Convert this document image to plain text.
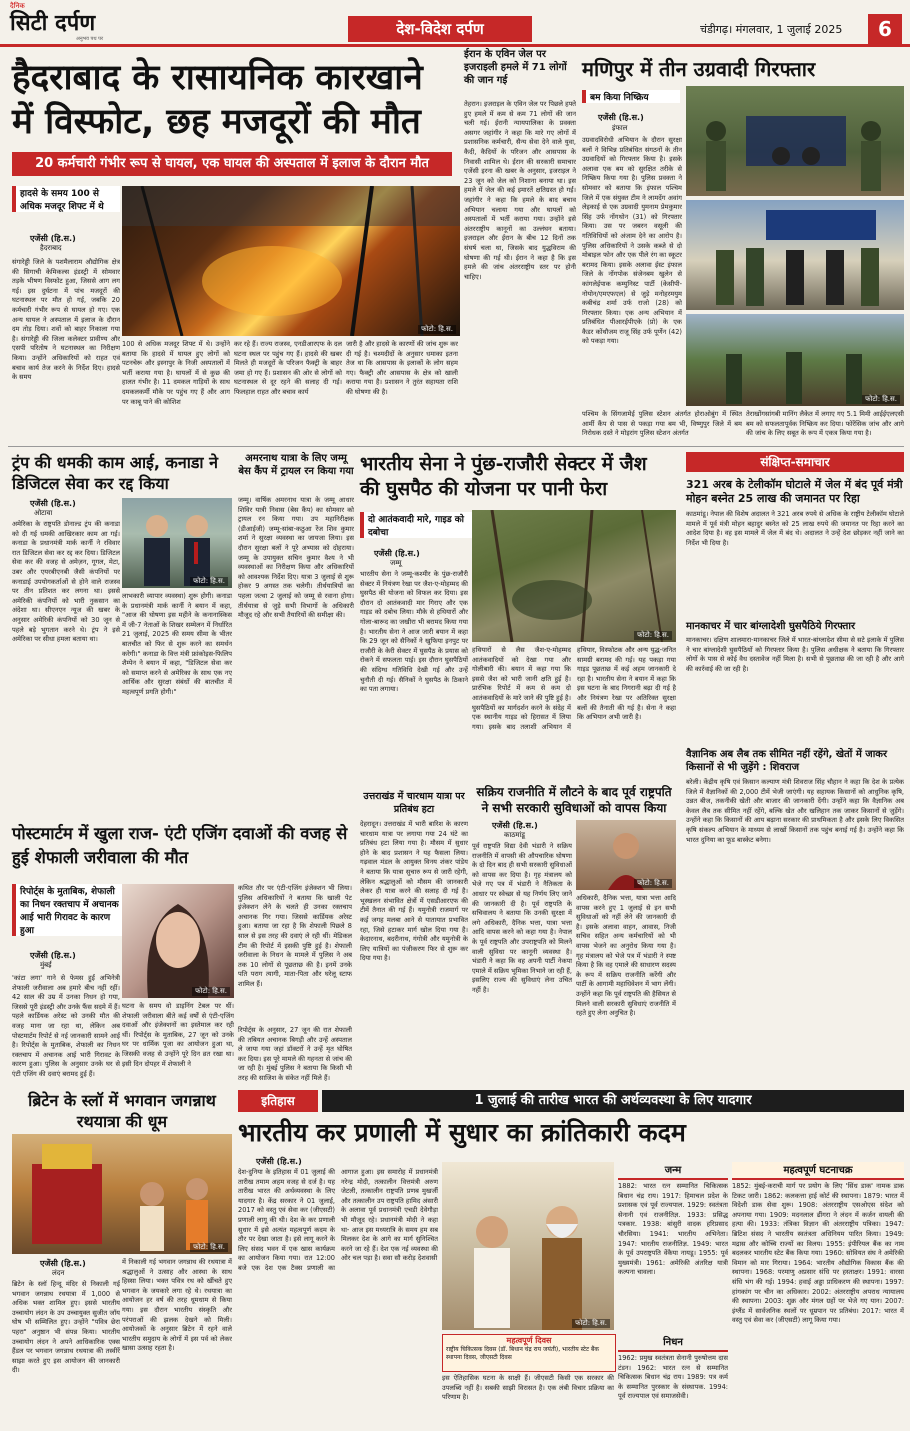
दैनिक
सिटी दर्पण
अनुभव पथ पर
देश-विदेश दर्पण	चंडीगढ़। मंगलवार, 1 जुलाई 2025	6
हैदराबाद के रासायनिक कारखाने में विस्फोट, छह मजदूरों की मौत
20 कर्मचारी गंभीर रूप से घायल, एक घायल की अस्पताल में इलाज के दौरान मौत
हादसे के समय 100 से अधिक मजदूर शिफ्ट में थे
एजेंसी (हि.स.)
हैदराबाद
संगारेड्डी जिले के पशमैलाराम औद्योगिक क्षेत्र की सिगाची केमिकल्स इंडस्ट्री में सोमवार तड़के भीषण विस्फोट हुआ, जिससे आग लग गई। इस दुर्घटना में पांच मजदूरों की घटनास्थल पर मौत हो गई, जबकि 20 कर्मचारी गंभीर रूप से घायल हो गए। एक अन्य घायल ने अस्पताल में इलाज के दौरान दम तोड़ दिया। शवों को बाहर निकाला गया है। संगारेड्डी की जिला कलेक्टर प्रावीण्य और एसपी परितोष ने घटनास्थल का निरीक्षण किया। उन्होंने अधिकारियों को राहत एवं बचाव कार्य तेज करने के निर्देश दिए। हादसे के समय
फोटो: हि.स.
100 से अधिक मजदूर शिफ्ट में थे। उन्होंने बताया कि हादसे में घायल हुए लोगों को पटनचेरू और इस्नापुर के निजी अस्पतालों में भर्ती कराया गया है। घायलों में से कुछ की हालत गंभीर है। 11 दमकल गाड़ियों के साथ दमकलकर्मी मौके पर पहुंच गए हैं और आग पर काबू पाने की कोशिश
कर रहे हैं। राज्य राजस्व, एनडीआरएफ के दल घटना स्थल पर पहुंच गए हैं। हादसे की खबर मिलते ही मजदूरों के परिजन फैक्ट्री के बाहर जमा हो गए हैं। प्रशासन की ओर से लोगों को घटनास्थल से दूर रहने की सलाह दी गई। फिलहाल राहत और बचाव कार्य
जारी है और हादसे के कारणों की जांच शुरू कर दी गई है। चश्मदीदों के अनुसार धमाका इतना तेज था कि आसपास के इलाकों के लोग सहम गए। फैक्ट्री और आसपास के क्षेत्र को खाली कराया गया है। प्रशासन ने तुरंत सहायता राशि की घोषणा की है।
ईरान के एविन जेल पर इजराइली हमले में 71 लोगों की जान गई
तेहरान। इजराइल के एविन जेल पर पिछले हफ्ते हुए हमले में कम से कम 71 लोगों की जान चली गई। ईरानी न्यायपालिका के प्रवक्ता असगर जहांगीर ने कहा कि मारे गए लोगों में प्रशासनिक कर्मचारी, सैन्य सेवा देने वाले युवा, कैदी, कैदियों के परिजन और आसपास के निवासी शामिल थे। ईरान की सरकारी समाचार एजेंसी इरना की खबर के अनुसार, इजराइल ने 23 जून को जेल को निशाना बनाया था। इस हमले में जेल की कई इमारतें क्षतिग्रस्त हो गईं। जहांगीर ने कहा कि हमले के बाद बचाव अभियान चलाया गया और घायलों को अस्पतालों में भर्ती कराया गया। उन्होंने इसे अंतरराष्ट्रीय कानूनों का उल्लंघन बताया। इजराइल और ईरान के बीच 12 दिनों तक संघर्ष चला था, जिसके बाद युद्धविराम की घोषणा की गई थी। ईरान ने कहा है कि इस हमले की जांच अंतरराष्ट्रीय स्तर पर होनी चाहिए।
मणिपुर में तीन उग्रवादी गिरफ्तार
बम किया निष्क्रिय
एजेंसी (हि.स.)
इंफाल
उग्रवादविरोधी अभियान के दौरान सुरक्षा बलों ने विभिन्न प्रतिबंधित संगठनों के तीन उग्रवादियों को गिरफ्तार किया है। इसके अलावा एक बम को सुरक्षित तरीके से निष्क्रिय किया गया है। पुलिस प्रवक्ता ने सोमवार को बताया कि इंफाल पश्चिम जिले में एक संयुक्त टीम ने लामदेंग अवांग लेइकाई से एक उग्रवादी युमनाम प्रेमकुमार सिंह उर्फ नोंगथोन (31) को गिरफ्तार किया। उस पर जबरन वसूली की गतिविधियों को अंजाम देने का आरोप है। पुलिस अधिकारियों ने उसके कब्जे से दो मोबाइल फोन और एक पीले रंग का स्कूटर बरामद किया। इसके अलावा ईस्ट इंफाल जिले के नोंगपोक संजेनबम खुलेन से कांगलेईपाक कम्युनिस्ट पार्टी (केसीपी-नोयोन/एमएफएल) से जुड़े मनोहरमयुम कबीचंद्र शर्मा उर्फ राजो (28) को गिरफ्तार किया। एक अन्य अभियान में प्रतिबंधित पीआरईपीएके (प्रो) के एक कैडर कोंथौजम राजू सिंह उर्फ पूर्णेन (42) को पकड़ा गया।
फोटो: हि.स.
पश्चिम के सिंगजामेई पुलिस स्टेशन अंतर्गत होराओबुंग में स्थित आर्मी कैंप से पास से पकड़ा गया बम भी, विष्णुपुर जिले में बम निरोधक दस्ते ने मोइरांग पुलिस स्टेशन अंतर्गत
तेराखोंगसांगबी मानिंग लैकेत में लगाए गए 5.1 मिमी आईईएलएसी बम को सफलतापूर्वक निष्क्रिय कर दिया। फोरेंसिक जांच और आगे की जांच के लिए सबूत के रूप में एकत्र किया गया है।
ट्रंप की धमकी काम आई, कनाडा ने डिजिटल सेवा कर रद्द किया
एजेंसी (हि.स.)
ओटावा
अमेरिका के राष्ट्रपति डोनाल्ड ट्रंप की कनाडा को दी गई धमकी आखिरकार काम आ गई। कनाडा के प्रधानमंत्री मार्क कार्नी ने रविवार रात डिजिटल सेवा कर रद्द कर दिया। डिजिटल सेवा कर की वजह से अमेज़न, गूगल, मेटा, उबर और एयरबीएनबी जैसी कंपनियों पर कनाडाई उपयोगकर्ताओं से होने वाले राजस्व पर तीन प्रतिशत कर लगना था। इससे अमेरिकी कंपनियों को भारी नुकसान का अंदेशा था। सीएनएन न्यूज की खबर के अनुसार अमेरिकी कंपनियों को 30 जून से पहले बड़े भुगतान करने थे। ट्रंप ने इसे अमेरिका पर सीधा हमला बताया था।
फोटो: हि.स.
लाभकारी व्यापार व्यवस्था) शुरू होगी। कनाडा के प्रधानमंत्री मार्क कार्नी ने बयान में कहा, "आज की घोषणा इस महीने के कनानास्किस में जी-7 नेताओं के शिखर सम्मेलन में निर्धारित 21 जुलाई, 2025 की समय सीमा के भीतर बातचीत को फिर से शुरू करने का समर्थन करेगी।" कनाडा के वित्त मंत्री फ्रांकोइस-फिलिप शैम्पेन ने बयान में कहा, "डिजिटल सेवा कर को समाप्त करने से अमेरिका के साथ एक नए आर्थिक और सुरक्षा संबंधों की बातचीत में महत्वपूर्ण प्रगति होगी।"
अमरनाथ यात्रा के लिए जम्मू बेस कैंप में ट्रायल रन किया गया
जम्मू। वार्षिक अमरनाथ यात्रा के जम्मू आधार शिविर यात्री निवास (बेस कैंप) का सोमवार को ट्रायल रन किया गया। उप महानिरीक्षक (डीआईजी) जम्मू-सांबा-कठुआ रेंज शिव कुमार शर्मा ने सुरक्षा व्यवस्था का जायजा लिया। इस दौरान सुरक्षा बलों ने पूरे अभ्यास को दोहराया। जम्मू के उपायुक्त सचिन कुमार वैश्य ने भी व्यवस्थाओं का निरीक्षण किया और अधिकारियों को आवश्यक निर्देश दिए। यात्रा 3 जुलाई से शुरू होकर 9 अगस्त तक चलेगी। तीर्थयात्रियों का पहला जत्था 2 जुलाई को जम्मू से रवाना होगा। तीर्थयात्रा से जुड़े सभी विभागों के अधिकारी मौजूद रहे और सभी तैयारियों की समीक्षा की।
भारतीय सेना ने पुंछ-राजौरी सेक्टर में जैश की घुसपैठ की योजना पर पानी फेरा
दो आतंकवादी मारे, गाइड को दबोचा
एजेंसी (हि.स.)
जम्मू
भारतीय सेना ने जम्मू-कश्मीर के पुंछ-राजौरी सेक्टर में नियंत्रण रेखा पर जैश-ए-मोहम्मद की घुसपैठ की योजना को विफल कर दिया। इस दौरान दो आतंकवादी मार गिराए और एक गाइड को दबोच लिया। मौके से हथियारों और गोला-बारूद का जखीरा भी बरामद किया गया है। भारतीय सेना ने आज जारी बयान में कहा कि 29 जून को सैनिकों ने खुफिया इनपुट पर राजौरी के केरी सेक्टर में घुसपैठ के प्रयास को रोकने में सफलता पाई। इस दौरान घुसपैठियों की संदिग्ध गतिविधि देखी गई और उन्हें चुनौती दी गई। सैनिकों ने घुसपैठ के ठिकाने का पता लगाया।
फोटो: हि.स.
हथियारों से लैस जैश-ए-मोहम्मद आतंकवादियों को देखा गया और गोलीबारी की। बयान में कहा गया कि इससे जैश को भारी जानी क्षति हुई है। प्रारंभिक रिपोर्ट में कम से कम दो आतंकवादियों के मारे जाने की पुष्टि हुई है। घुसपैठियों का मार्गदर्शन करने के संदेह में एक स्थानीय गाइड को हिरासत में लिया गया। इसके बाद तलाशी अभियान में हथियार, विस्फोटक और अन्य युद्ध-जनित सामग्री बरामद की गई। यह पकड़ा गया गाइड पूछताछ में कई अहम जानकारी दे रहा है। भारतीय सेना ने बयान में कहा कि इस घटना के बाद निगरानी बढ़ा दी गई है और नियंत्रण रेखा पर अतिरिक्त सुरक्षा बलों की तैनाती की गई है। सेना ने कहा कि अभियान अभी जारी है।
उत्तराखंड में चारधाम यात्रा पर प्रतिबंध हटा
देहरादून। उत्तराखंड में भारी बारिश के कारण चारधाम यात्रा पर लगाया गया 24 घंटे का प्रतिबंध हटा लिया गया है। मौसम में सुधार होने के बाद प्रशासन ने यह फैसला लिया। गढ़वाल मंडल के आयुक्त विनय शंकर पांडेय ने बताया कि यात्रा सुचारु रूप से जारी रहेगी, लेकिन श्रद्धालुओं को मौसम की जानकारी लेकर ही यात्रा करने की सलाह दी गई है। भूस्खलन संभावित क्षेत्रों में एसडीआरएफ की टीमें तैनात की गई हैं। यमुनोत्री राजमार्ग पर कई जगह मलबा आने से यातायात प्रभावित रहा, जिसे हटाकर मार्ग खोल दिया गया है। केदारनाथ, बदरीनाथ, गंगोत्री और यमुनोत्री के लिए यात्रियों का पंजीकरण फिर से शुरू कर दिया गया है।
सक्रिय राजनीति में लौटने के बाद पूर्व राष्ट्रपति ने सभी सरकारी सुविधाओं को वापस किया
एजेंसी (हि.स.)
काठमांडू
पूर्व राष्ट्रपति विद्या देवी भंडारी ने सक्रिय राजनीति में वापसी की औपचारिक घोषणा के दो दिन बाद ही सभी सरकारी सुविधाओं को वापस कर दिया है। गृह मंत्रालय को भेजे गए पत्र में भंडारी ने नैतिकता के आधार पर स्वेच्छा से यह निर्णय लिए जाने की जानकारी दी है। पूर्व राष्ट्रपति के सचिवालय ने बताया कि उनकी सुरक्षा में लगे अधिकारी, दैनिक भत्ता, यात्रा भत्ता आदि वापस करने को कहा गया है। नेपाल के पूर्व राष्ट्रपति और उपराष्ट्रपति को मिलने वाली सुविधा पर कानूनी व्यवस्था है। भंडारी ने कहा कि वह अपनी पार्टी नेकपा एमाले में सक्रिय भूमिका निभाने जा रही हैं, इसलिए राज्य की सुविधाएं लेना उचित नहीं है।
फोटो: हि.स.
अधिकारी, दैनिक भत्ता, यात्रा भत्ता आदि वापस करने हुए 1 जुलाई से इन सभी सुविधाओं को नहीं लेने की जानकारी दी है। इसके अलावा वाहन, आवास, निजी सचिव सहित अन्य कर्मचारियों को भी वापस भेजने का अनुरोध किया गया है। गृह मंत्रालय को भेजे पत्र में भंडारी ने स्पष्ट किया है कि वह एमाले की साधारण सदस्य के रूप में सक्रिय राजनीति करेंगी और पार्टी के आगामी महाधिवेशन में भाग लेंगी। उन्होंने कहा कि पूर्व राष्ट्रपति की हैसियत से मिलने वाली सरकारी सुविधाएं राजनीति में रहते हुए लेना अनुचित है।
पोस्टमार्टम में खुला राज- एंटी एजिंग दवाओं की वजह से हुई शेफाली जरीवाला की मौत
रिपोर्ट्स के मुताबिक, शेफाली का निधन रक्तचाप में अचानक आई भारी गिरावट के कारण हुआ
एजेंसी (हि.स.)
मुंबई
'कांटा लगा' गाने से फेमस हुईं अभिनेत्री शेफाली जरीवाला अब हमारे बीच नहीं रहीं। 42 साल की उम्र में उनका निधन हो गया, जिससे पूरी इंडस्ट्री और उनके फैंस सदमे में हैं। पहले कार्डियक अरेस्ट को उनकी मौत की वजह माना जा रहा था, लेकिन अब पोस्टमार्टम रिपोर्ट से नई जानकारी सामने आई है। रिपोर्ट्स के मुताबिक, शेफाली का निधन रक्तचाप में अचानक आई भारी गिरावट के कारण हुआ। पुलिस के अनुसार उनके घर से एंटी एजिंग की दवाएं बरामद हुई हैं।
फोटो: हि.स.
कथित तौर पर एंटी-एजिंग इंजेक्शन भी लिया। पुलिस अधिकारियों ने बताया कि खाली पेट इंजेक्शन लेने के चलते ही उनका रक्तचाप अचानक गिर गया। जिससे कार्डियक अरेस्ट हुआ। बताया जा रहा है कि शेफाली पिछले 8 साल से इस तरह की दवाएं ले रही थीं। मेडिकल टीम की रिपोर्ट में इसकी पुष्टि हुई है। शेफाली जरीवाला के निधन के मामले में पुलिस ने अब तक 10 लोगों से पूछताछ की है। इनमें उनके पति पराग त्यागी, माता-पिता और घरेलू स्टाफ शामिल हैं।
घटना के समय वो डाइनिंग टेबल पर थीं। शेफाली जरीवाला बीते कई वर्षों से एंटी-एजिंग दवाओं और इंजेक्शनों का इस्तेमाल कर रही थीं। रिपोर्ट्स के मुताबिक, 27 जून को उनके घर पर धार्मिक पूजा का आयोजन हुआ था, जिसकी वजह से उन्होंने पूरे दिन व्रत रखा था। इसी दिन दोपहर में शेफाली ने
रिपोर्ट्स के अनुसार, 27 जून की रात शेफाली की तबियत अचानक बिगड़ी और उन्हें अस्पताल ले जाया गया जहां डॉक्टरों ने उन्हें मृत घोषित कर दिया। इस पूरे मामले की गहनता से जांच की जा रही है। मुंबई पुलिस ने बताया कि किसी भी तरह की साजिश के संकेत नहीं मिले हैं।
संक्षिप्त-समाचार
321 अरब के टेलीकॉम घोटाले में जेल में बंद पूर्व मंत्री मोहन बस्नेत 25 लाख की जमानत पर रिहा
काठमांडू। नेपाल की विशेष अदालत ने 321 अरब रुपये से अधिक के राष्ट्रीय टेलीकॉम घोटाले मामले में पूर्व मंत्री मोहन बहादुर बस्नेत को 25 लाख रुपये की जमानत पर रिहा करने का आदेश दिया है। वह इस मामले में जेल में बंद थे। अदालत ने उन्हें देश छोड़कर नहीं जाने का निर्देश भी दिया है।
मानकाचर में चार बांग्लादेशी घुसपैठिये गिरफ्तार
मानकाचर। दक्षिण शालमारा-मानकाचर जिले में भारत-बांग्लादेश सीमा से सटे इलाके में पुलिस ने चार बांग्लादेशी घुसपैठियों को गिरफ्तार किया है। पुलिस अधीक्षक ने बताया कि गिरफ्तार लोगों के पास से कोई वैध दस्तावेज नहीं मिला है। सभी से पूछताछ की जा रही है और आगे की कार्रवाई की जा रही है।
वैज्ञानिक अब लैब तक सीमित नहीं रहेंगे, खेतों में जाकर किसानों से भी जुड़ेंगे : शिवराज
बरेली। केंद्रीय कृषि एवं किसान कल्याण मंत्री शिवराज सिंह चौहान ने कहा कि देश के प्रत्येक जिले में वैज्ञानिकों की 2,000 टीमें भेजी जाएंगी। यह सहायक किसानों को आधुनिक कृषि, उन्नत बीज, तकनीकी खेती और बाजार की जानकारी देंगी। उन्होंने कहा कि वैज्ञानिक अब केवल लैब तक सीमित नहीं रहेंगे, बल्कि खेत और खलिहान तक जाकर किसानों से जुड़ेंगे। उन्होंने कहा कि किसानों की आय बढ़ाना सरकार की प्राथमिकता है और इसके लिए विकसित कृषि संकल्प अभियान के माध्यम से लाखों किसानों तक पहुंच बनाई गई है। उन्होंने कहा कि भारत दुनिया का फूड बास्केट बनेगा।
ब्रिटेन के स्लॉ में भगवान जगन्नाथ रथयात्रा की धूम
फोटो: हि.स.
एजेंसी (हि.स.)
लंदन
ब्रिटेन के स्लॉ हिन्दू मंदिर से निकाली गई भगवान जगन्नाथ रथयात्रा में 1,000 से अधिक भक्त शामिल हुए। इससे भारतीय उच्चायोग लंदन के उप उच्चायुक्त सुजीत जॉय घोष भी सम्मिलित हुए। उन्होंने "पवित्र छेरा पहरा" अनुष्ठान भी संपन्न किया। भारतीय उच्चायोग लंदन ने अपने आधिकारिक एक्स हैंडल पर भगवान जगन्नाथ रथयात्रा की तस्वीरें साझा करते हुए इस आयोजन की जानकारी दी।
में निकाली गई भगवान जगन्नाथ की रथयात्रा में श्रद्धालुओं ने उत्साह और आस्था के साथ हिस्सा लिया। भक्त पवित्र रथ को खींचते हुए भगवान के जयकारे लगा रहे थे। रथयात्रा का आयोजन हर वर्ष की तरह धूमधाम से किया गया। इस दौरान भारतीय संस्कृति और परंपराओं की झलक देखने को मिली। आयोजकों के अनुसार ब्रिटेन में रहने वाले भारतीय समुदाय के लोगों में इस पर्व को लेकर खासा उत्साह रहता है।
इतिहास	1 जुलाई की तारीख भारत की अर्थव्यवस्था के लिए यादगार
भारतीय कर प्रणाली में सुधार का क्रांतिकारी कदम
एजेंसी (हि.स.)
देश-दुनिया के इतिहास में 01 जुलाई की तारीख तमाम अहम वजह से दर्ज है। यह तारीख भारत की अर्थव्यवस्था के लिए यादगार है। केंद्र सरकार ने 01 जुलाई, 2017 को वस्तु एवं सेवा कर (जीएसटी) प्रणाली लागू की थी। देश के कर प्रणाली सुधार में इसे अत्यंत महत्वपूर्ण कदम के तौर पर देखा जाता है। इसे लागू करने के लिए संसद भवन में एक खास कार्यक्रम का आयोजन किया गया। रात 12:00 बजे एक देश एक टैक्स प्रणाली का आगाज हुआ। इस समारोह में प्रधानमंत्री नरेन्द्र मोदी, तत्कालीन वित्तमंत्री अरुण जेटली, तत्कालीन राष्ट्रपति प्रणब मुखर्जी और तत्कालीन उप राष्ट्रपति हामिद अंसारी के अलावा पूर्व प्रधानमंत्री एचडी देवेगौड़ा भी मौजूद रहे। प्रधानमंत्री मोदी ने कहा था- आज इस मध्यरात्रि के समय हम सब मिलकर देश के आगे का मार्ग सुनिश्चित करने जा रहे हैं। देश एक नई व्यवस्था की ओर चल पड़ा है। सवा सौ करोड़ देशवासी
फोटो: हि.स.
महत्वपूर्ण दिवस
राष्ट्रीय चिकित्सक दिवस (डॉ. बिधान चंद्र राय जयंती), भारतीय स्टेट बैंक स्थापना दिवस, जीएसटी दिवस
इस ऐतिहासिक घटना के साक्षी हैं। जीएसटी किसी एक सरकार की उपलब्धि नहीं है। सबकी साझी विरासत है। एक लंबी विचार प्रक्रिया का परिणाम है।
जन्म
1882: भारत रत्न सम्मानित चिकित्सक बिधान चंद्र राय। 1917: हिमाचल प्रदेश के प्रशासक एवं पूर्व राज्यपाल. 1929: स्वतंत्रता सेनानी एवं राजनीतिज्ञ. 1933: प्रसिद्ध पत्रकार. 1938: बांसुरी वादक हरिप्रसाद चौरसिया। 1941: भारतीय अभिनेता। 1947: भारतीय राजनीतिज्ञ. 1949: भारत के पूर्व उपराष्ट्रपति वेंकैया नायडू। 1955: पूर्व मुख्यमंत्री। 1961: अमेरिकी अंतरिक्ष यात्री कल्पना चावला।
निधन
1962: प्रमुख स्वतंत्रता सेनानी पुरुषोत्तम दास टंडन। 1962: भारत रत्न से सम्मानित चिकित्सक बिधान चंद्र राय। 1989: पत्र कर्म के सम्मानित पुरस्कार के संस्थापक. 1994: पूर्व राज्यपाल एवं समाजसेवी।
महत्वपूर्ण घटनाचक्र
1852: मुंबई-कराची मार्ग पर प्रयोग के लिए 'सिंध डाक' नामक डाक टिकट जारी। 1862: कलकत्ता हाई कोर्ट की स्थापना। 1879: भारत में विदेशी डाक सेवा शुरू। 1908: अंतरराष्ट्रीय एसओएस संदेश को अपनाया गया। 1909: मदनलाल ढींगरा ने लंदन में कर्जन वायली की हत्या की। 1933: तंत्रिका विज्ञान की अंतरराष्ट्रीय पत्रिका। 1947: ब्रिटिश संसद ने भारतीय स्वतंत्रता अधिनियम पारित किया। 1949: मद्रास और कोच्चि राज्यों का विलय। 1955: इंपीरियल बैंक का नाम बदलकर भारतीय स्टेट बैंक किया गया। 1960: सोवियत संघ ने अमेरिकी विमान को मार गिराया। 1964: भारतीय औद्योगिक विकास बैंक की स्थापना। 1968: परमाणु अप्रसार संधि पर हस्ताक्षर। 1991: वारसा संधि भंग की गई। 1994: हवाई अड्डा प्राधिकरण की स्थापना। 1997: हांगकांग पर चीन का अधिकार। 2002: अंतरराष्ट्रीय अपराध न्यायालय की स्थापना। 2003: शुक्र और मंगल ग्रहों पर भेजे गए यान। 2007: इंग्लैंड में सार्वजनिक स्थलों पर धूम्रपान पर प्रतिबंध। 2017: भारत में वस्तु एवं सेवा कर (जीएसटी) लागू किया गया।
